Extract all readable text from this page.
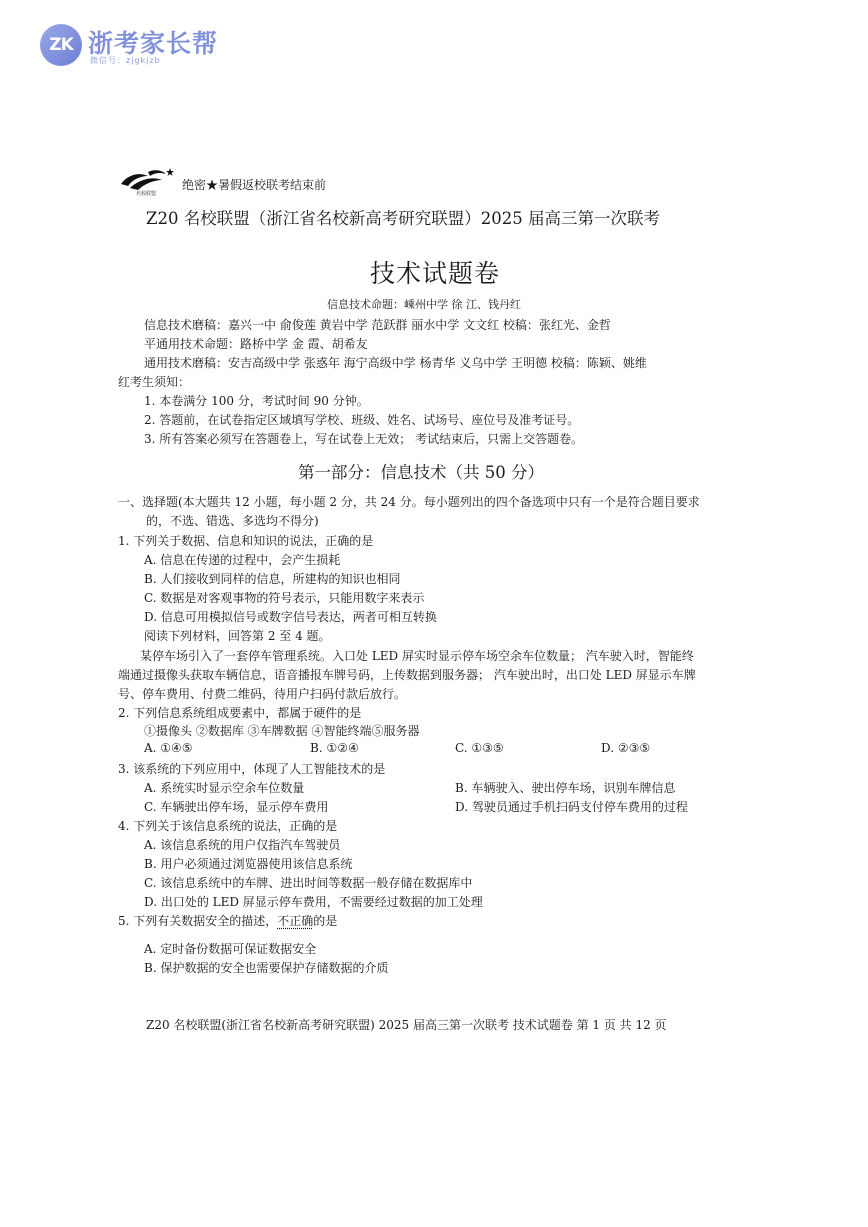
ZK 浙考家长帮
微信号：zjgkjzb
名校联盟
绝密★暑假返校联考结束前
Z20 名校联盟（浙江省名校新高考研究联盟）2025 届高三第一次联考
技术试题卷
信息技术命题：嵊州中学 徐 江、钱丹红
信息技术磨稿：嘉兴一中 俞俊莲 黄岩中学 范跃群 丽水中学 文文红 校稿：张红光、金哲
平通用技术命题：路桥中学 金 霞、胡希友
通用技术磨稿：安吉高级中学 张惑年 海宁高级中学 杨青华 义乌中学 王明德 校稿：陈颖、姚维
红考生须知：
1. 本卷满分 100 分，考试时间 90 分钟。
2. 答题前，在试卷指定区域填写学校、班级、姓名、试场号、座位号及准考证号。
3. 所有答案必须写在答题卷上，写在试卷上无效； 考试结束后，只需上交答题卷。
第一部分：信息技术（共 50 分）
一、选择题(本大题共 12 小题，每小题 2 分，共 24 分。每小题列出的四个备选项中只有一个是符合题目要求
的，不选、错选、多选均不得分)
1. 下列关于数据、信息和知识的说法，正确的是
A. 信息在传递的过程中，会产生损耗
B. 人们接收到同样的信息，所建构的知识也相同
C. 数据是对客观事物的符号表示，只能用数字来表示
D. 信息可用模拟信号或数字信号表达，两者可相互转换
阅读下列材料，回答第 2 至 4 题。
某停车场引入了一套停车管理系统。入口处 LED 屏实时显示停车场空余车位数量； 汽车驶入时，智能终
端通过摄像头获取车辆信息，语音播报车牌号码，上传数据到服务器； 汽车驶出时，出口处 LED 屏显示车牌
号、停车费用、付费二维码，待用户扫码付款后放行。
2. 下列信息系统组成要素中，都属于硬件的是
①摄像头 ②数据库 ③车牌数据 ④智能终端⑤服务器
A. ①④⑤	B. ①②④	C. ①③⑤	D. ②③⑤
3. 该系统的下列应用中，体现了人工智能技术的是
A. 系统实时显示空余车位数量	B. 车辆驶入、驶出停车场，识别车牌信息
C. 车辆驶出停车场，显示停车费用	D. 驾驶员通过手机扫码支付停车费用的过程
4. 下列关于该信息系统的说法，正确的是
A. 该信息系统的用户仅指汽车驾驶员
B. 用户必须通过浏览器使用该信息系统
C. 该信息系统中的车牌、进出时间等数据一般存储在数据库中
D. 出口处的 LED 屏显示停车费用，不需要经过数据的加工处理
5. 下列有关数据安全的描述，不正确的是
A. 定时备份数据可保证数据安全
B. 保护数据的安全也需要保护存储数据的介质
Z20 名校联盟(浙江省名校新高考研究联盟) 2025 届高三第一次联考 技术试题卷 第 1 页 共 12 页
